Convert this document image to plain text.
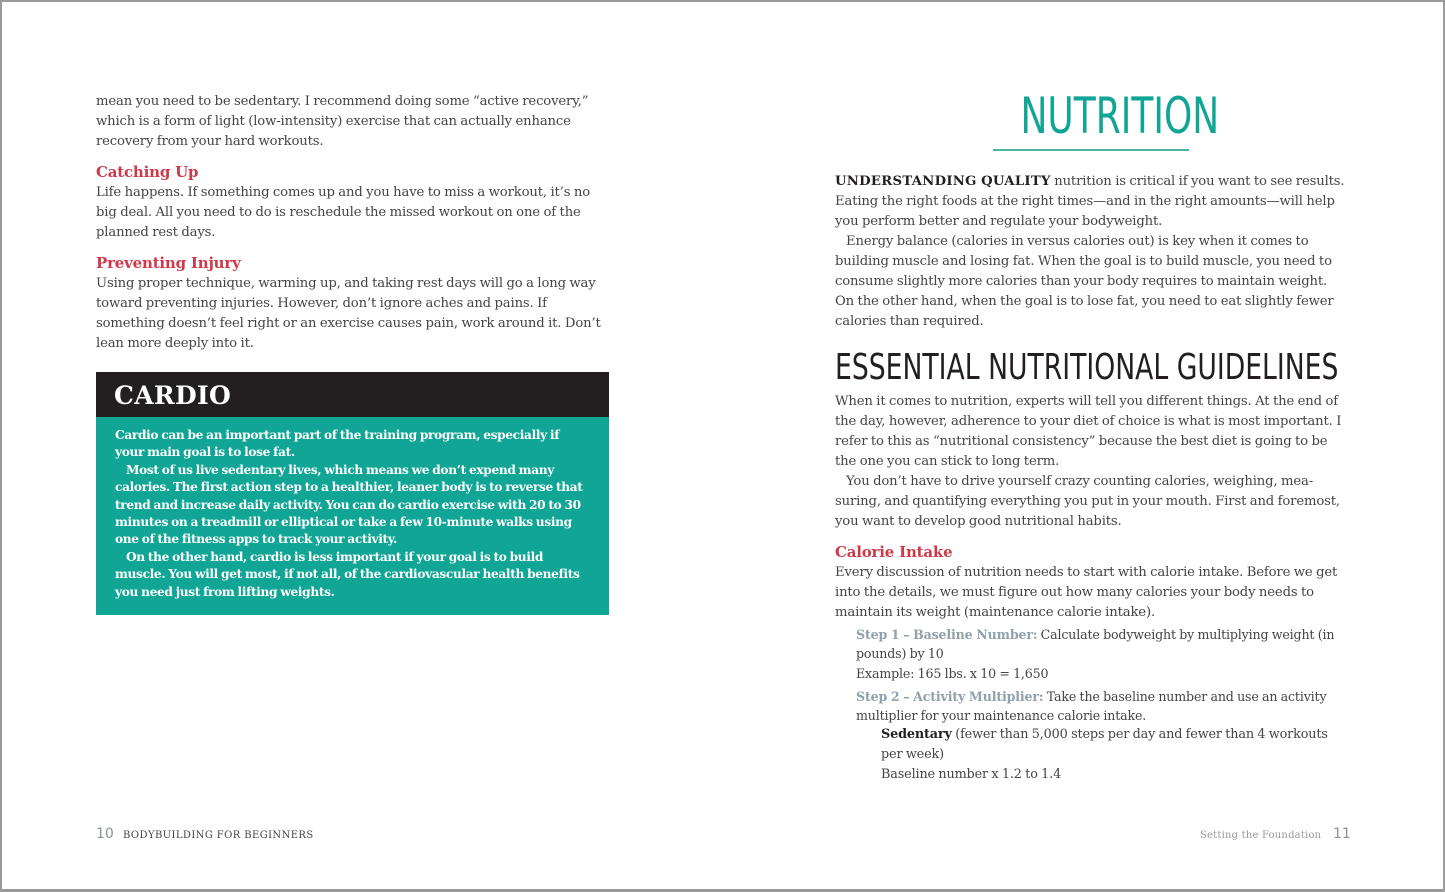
mean you need to be sedentary. I recommend doing some “active recovery,” which is a form of light (low-intensity) exercise that can actually enhance recovery from your hard workouts.

Catching Up

Life happens. If something comes up and you have to miss a workout, it’s no big deal. All you need to do is reschedule the missed workout on one of the planned rest days.

Preventing Injury

Using proper technique, warming up, and taking rest days will go a long way toward preventing injuries. However, don’t ignore aches and pains. If something doesn’t feel right or an exercise causes pain, work around it. Don’t lean more deeply into it.

CARDIO

Cardio can be an important part of the training program, especially if your main goal is to lose fat.

Most of us live sedentary lives, which means we don’t expend many calories. The first action step to a healthier, leaner body is to reverse that trend and increase daily activity. You can do cardio exercise with 20 to 30 minutes on a treadmill or elliptical or take a few 10-minute walks using one of the fitness apps to track your activity.

On the other hand, cardio is less important if your goal is to build muscle. You will get most, if not all, of the cardiovascular health benefits you need just from lifting weights.

NUTRITION

UNDERSTANDING QUALITY nutrition is critical if you want to see results. Eating the right foods at the right times—and in the right amounts—will help you perform better and regulate your bodyweight.

Energy balance (calories in versus calories out) is key when it comes to building muscle and losing fat. When the goal is to build muscle, you need to consume slightly more calories than your body requires to maintain weight. On the other hand, when the goal is to lose fat, you need to eat slightly fewer calories than required.

ESSENTIAL NUTRITIONAL GUIDELINES

When it comes to nutrition, experts will tell you different things. At the end of the day, however, adherence to your diet of choice is what is most important. I refer to this as “nutritional consistency” because the best diet is going to be the one you can stick to long term.

You don’t have to drive yourself crazy counting calories, weighing, measuring, and quantifying everything you put in your mouth. First and foremost, you want to develop good nutritional habits.

Calorie Intake

Every discussion of nutrition needs to start with calorie intake. Before we get into the details, we must figure out how many calories your body needs to maintain its weight (maintenance calorie intake).

Step 1 – Baseline Number: Calculate bodyweight by multiplying weight (in pounds) by 10
Example: 165 lbs. x 10 = 1,650
Step 2 – Activity Multiplier: Take the baseline number and use an activity multiplier for your maintenance calorie intake.
Sedentary (fewer than 5,000 steps per day and fewer than 4 workouts per week)
Baseline number x 1.2 to 1.4
10 BODYBUILDING FOR BEGINNERS	Setting the Foundation 11
